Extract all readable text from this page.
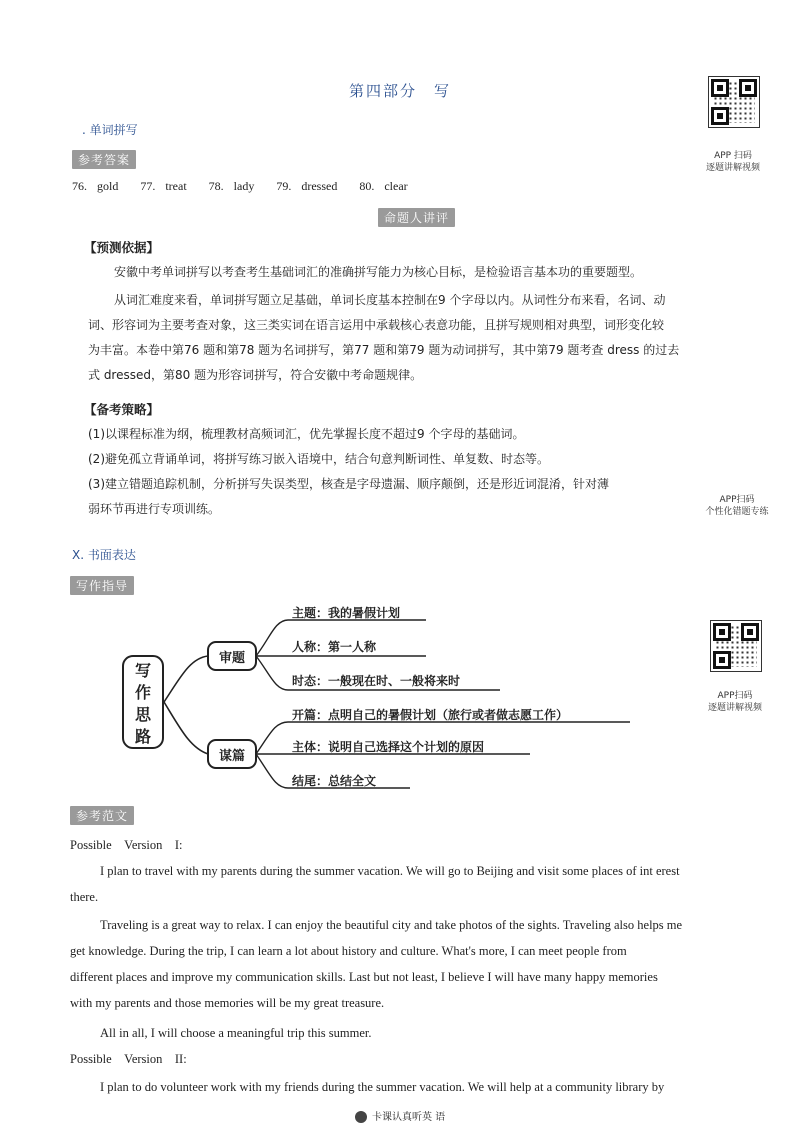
第四部分　写
APP 扫码
逐题讲解视频
. 单词拼写
参考答案
76. gold 77. treat 78. lady 79. dressed 80. clear
命题人讲评
【预测依据】
安徽中考单词拼写以考查考生基础词汇的准确拼写能力为核心目标，是检验语言基本功的重要题型。
从词汇难度来看，单词拼写题立足基础，单词长度基本控制在9 个字母以内。从词性分布来看，名词、动
词、形容词为主要考查对象，这三类实词在语言运用中承载核心表意功能，且拼写规则相对典型，词形变化较
为丰富。本卷中第76 题和第78 题为名词拼写，第77 题和第79 题为动词拼写，其中第79 题考查 dress 的过去
式 dressed，第80 题为形容词拼写，符合安徽中考命题规律。
【备考策略】
(1)以课程标准为纲，梳理教材高频词汇，优先掌握长度不超过9 个字母的基础词。
(2)避免孤立背诵单词，将拼写练习嵌入语境中，结合句意判断词性、单复数、时态等。
(3)建立错题追踪机制，分析拼写失误类型，核查是字母遗漏、顺序颠倒，还是形近词混淆，针对薄
弱环节再进行专项训练。
APP扫码
个性化错题专练
X. 书面表达
写作指导
写作思路
审题
谋篇
主题：我的暑假计划
人称：第一人称
时态：一般现在时、一般将来时
开篇：点明自己的暑假计划（旅行或者做志愿工作）
主体：说明自己选择这个计划的原因
结尾：总结全文
APP扫码
逐题讲解视频
参考范文
Possible　Version　I:
I plan to travel with my parents during the summer vacation. We will go to Beijing and visit some places of int erest
there.
Traveling is a great way to relax. I can enjoy the beautiful city and take photos of the sights. Traveling also helps me
get knowledge. During the trip, I can learn a lot about history and culture. What's more, I can meet people from
different places and improve my communication skills. Last but not least, I believe I will have many happy memories
with my parents and those memories will be my great treasure.
All in all, I will choose a meaningful trip this summer.
Possible　Version　II:
I plan to do volunteer work with my friends during the summer vacation. We will help at a community library by
卡课认真听英 语
